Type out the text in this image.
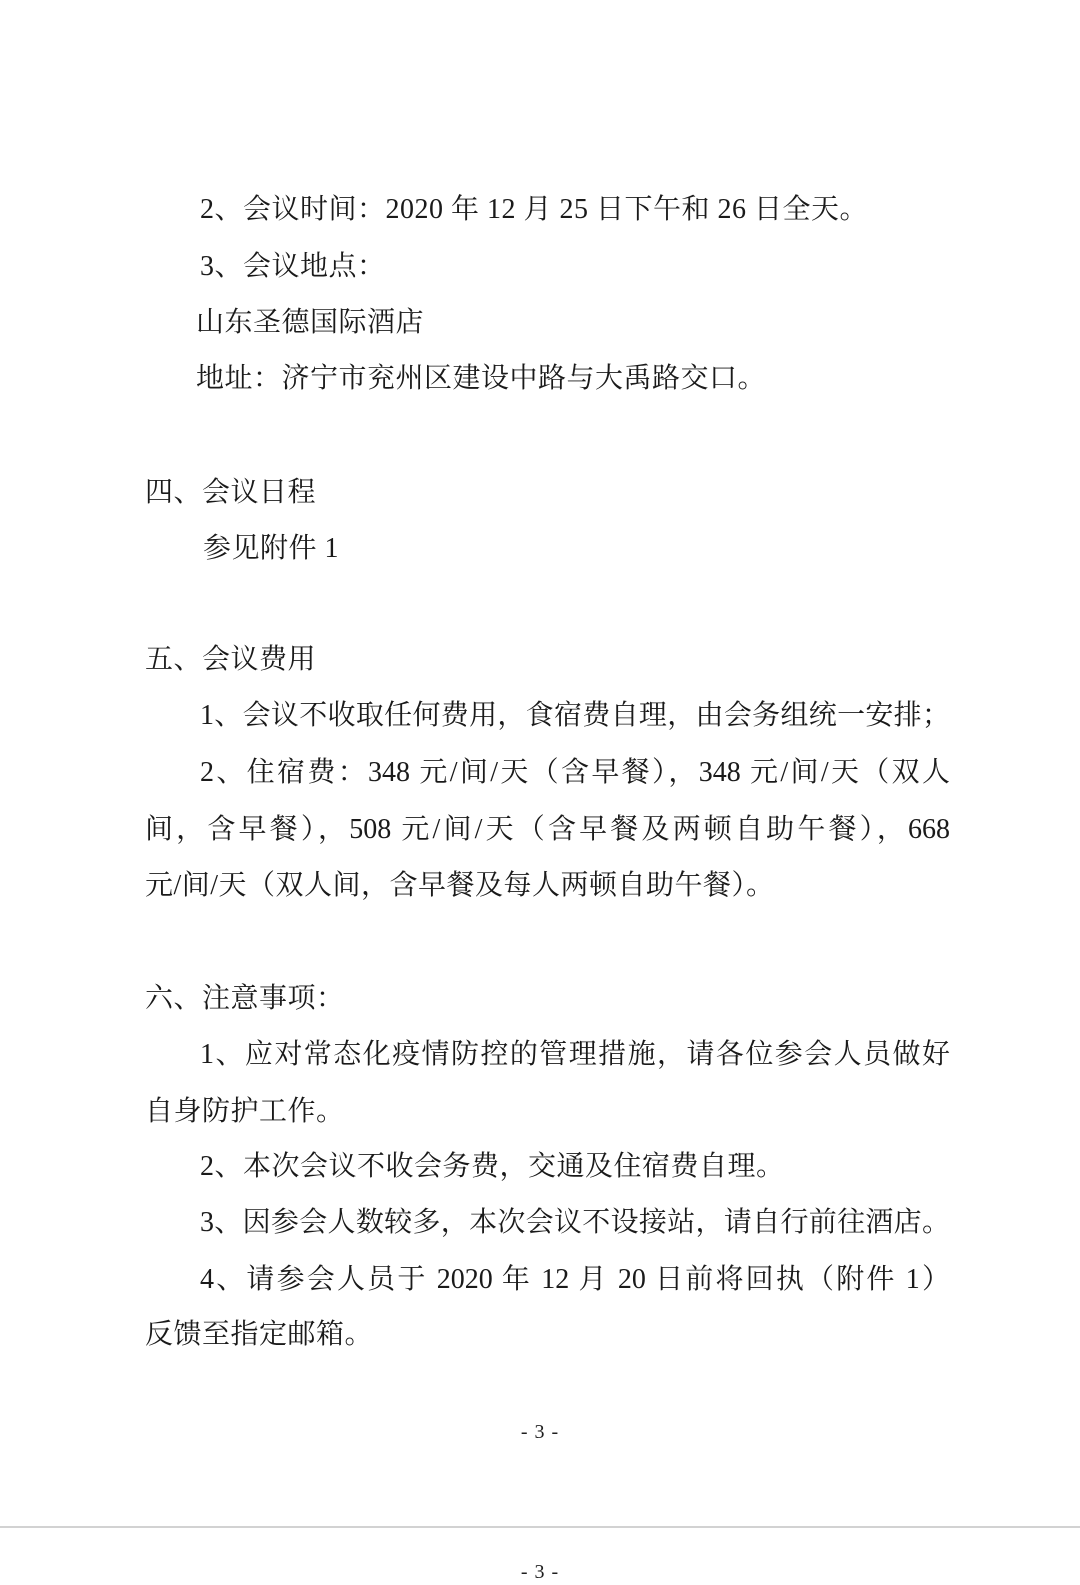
2、会议时间：2020 年 12 月 25 日下午和 26 日全天。
3、会议地点：
山东圣德国际酒店
地址：济宁市兖州区建设中路与大禹路交口。
四、会议日程
参见附件 1
五、会议费用
1、会议不收取任何费用，食宿费自理，由会务组统一安排；
2、住宿费：348 元/间/天（含早餐），348 元/间/天（双人
间，含早餐），508 元/间/天（含早餐及两顿自助午餐），668
元/间/天（双人间，含早餐及每人两顿自助午餐）。
六、注意事项：
1、应对常态化疫情防控的管理措施，请各位参会人员做好
自身防护工作。
2、本次会议不收会务费，交通及住宿费自理。
3、因参会人数较多，本次会议不设接站，请自行前往酒店。
4、请参会人员于 2020 年 12 月 20 日前将回执（附件 1）
反馈至指定邮箱。
- 3 -
- 3 -
